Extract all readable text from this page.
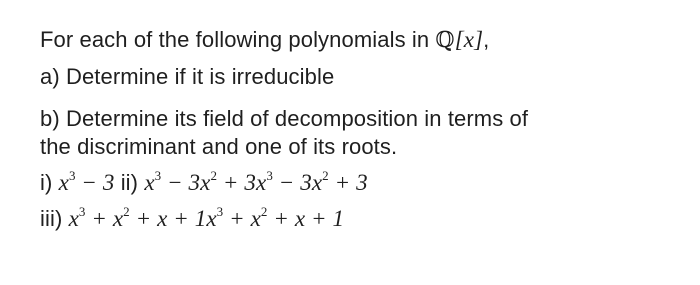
For each of the following polynomials in ℚ[x],
a) Determine if it is irreducible
b) Determine its field of decomposition in terms of
the discriminant and one of its roots.
i) $x^3 - 3$ ii) $x^3 - 3x^2 + 3x^3 - 3x^2 + 3$
iii) $x^3 + x^2 + x + 1x^3 + x^2 + x + 1$
